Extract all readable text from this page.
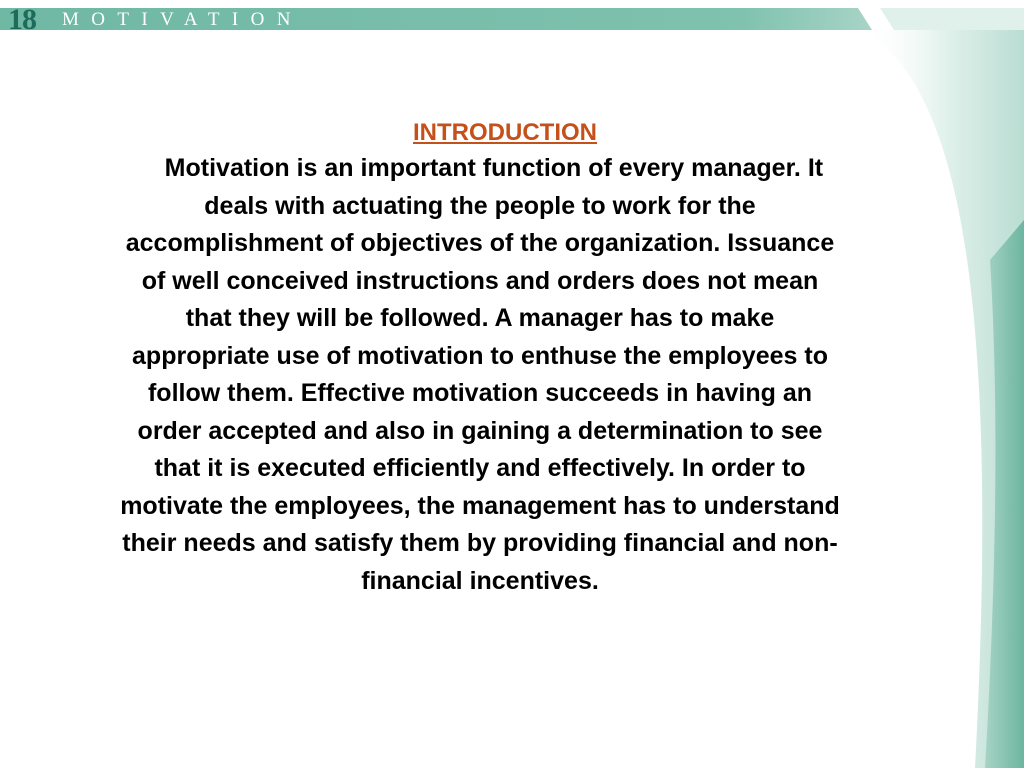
18 MOTIVATION
INTRODUCTION

Motivation is an important function of every manager. It
deals with actuating the people to work for the
accomplishment of objectives of the organization. Issuance
of well conceived instructions and orders does not mean
that they will be followed. A manager has to make
appropriate use of motivation to enthuse the employees to
follow them. Effective motivation succeeds in having an
order accepted and also in gaining a determination to see
that it is executed efficiently and effectively. In order to
motivate the employees, the management has to understand
their needs and satisfy them by providing financial and non-
financial incentives.
